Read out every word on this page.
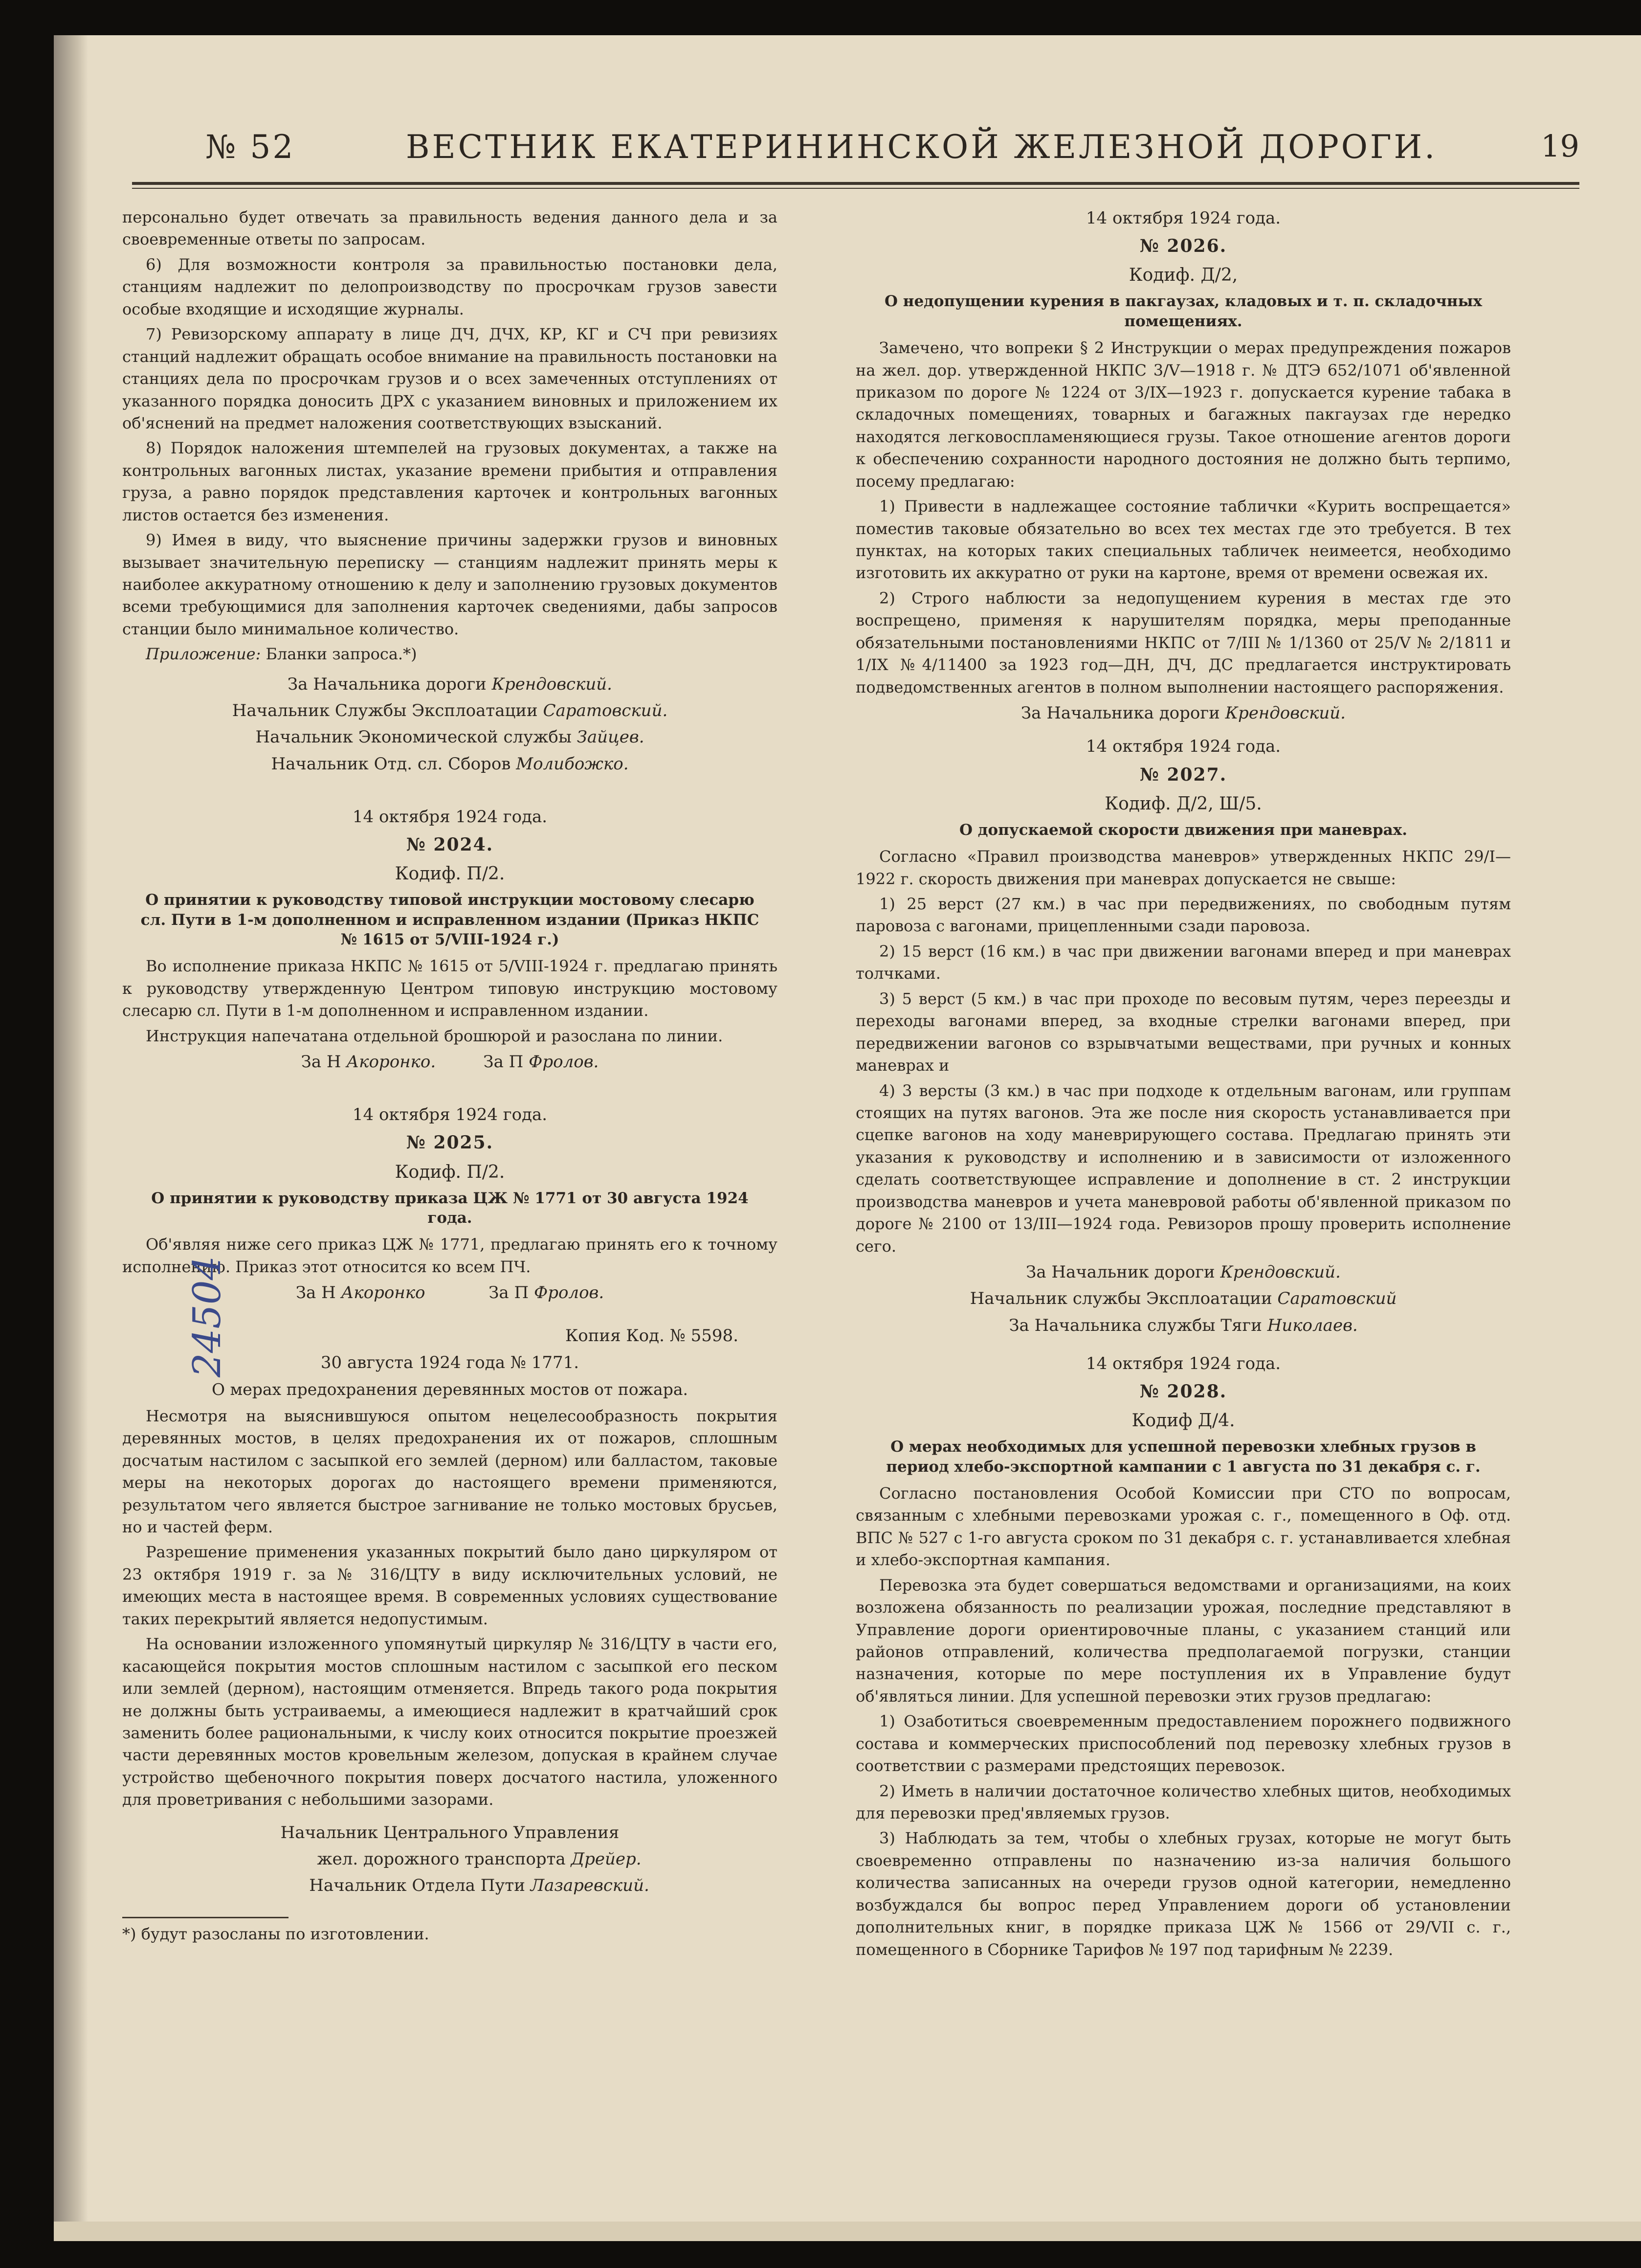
№ 52	ВЕСТНИК ЕКАТЕРИНИНСКОЙ ЖЕЛЕЗНОЙ ДОРОГИ.	19

персонально будет отвечать за правильность ведения данного дела и за своевременные ответы по запросам.

6) Для возможности контроля за правильностью постановки дела, станциям надлежит по делопроизводству по просрочкам грузов завести особые входящие и исходящие журналы.

7) Ревизорскому аппарату в лице ДЧ, ДЧХ, КР, КГ и СЧ при ревизиях станций надлежит обращать особое внимание на правильность постановки на станциях дела по просрочкам грузов и о всех замеченных отступлениях от указанного порядка доносить ДРХ с указанием виновных и приложением их об'яснений на предмет наложения соответствующих взысканий.

8) Порядок наложения штемпелей на грузовых документах, а также на контрольных вагонных листах, указание времени прибытия и отправления груза, а равно порядок представления карточек и контрольных вагонных листов остается без изменения.

9) Имея в виду, что выяснение причины задержки грузов и виновных вызывает значительную переписку — станциям надлежит принять меры к наиболее аккуратному отношению к делу и заполнению грузовых документов всеми требующимися для заполнения карточек сведениями, дабы запросов станции было минимальное количество.

Приложение: Бланки запроса.*)

За Начальника дороги Крендовский.
Начальник Службы Эксплоатации Саратовский.
Начальник Экономической службы Зайцев.
Начальник Отд. сл. Сборов Молибожко.
14 октября 1924 года.
№ 2024.
Кодиф. П/2.
О принятии к руководству типовой инструкции мостовому слесарю сл. Пути в 1-м дополненном и исправленном издании (Приказ НКПС № 1615 от 5/VIII-1924 г.)

Во исполнение приказа НКПС № 1615 от 5/VIII-1924 г. предлагаю принять к руководству утвержденную Центром типовую инструкцию мостовому слесарю сл. Пути в 1-м дополненном и исправленном издании.

Инструкция напечатана отдельной брошюрой и разослана по линии.

За Н Акоронко.	За П Фролов.
14 октября 1924 года.
№ 2025.
Кодиф. П/2.
О принятии к руководству приказа ЦЖ № 1771 от 30 августа 1924 года.

Об'являя ниже сего приказ ЦЖ № 1771, предлагаю принять его к точному исполнению. Приказ этот относится ко всем ПЧ.

За Н Акоронко	За П Фролов.
Копия Код. № 5598.
30 августа 1924 года № 1771.
О мерах предохранения деревянных мостов от пожара.

Несмотря на выяснившуюся опытом нецелесообразность покрытия деревянных мостов, в целях предохранения их от пожаров, сплошным досчатым настилом с засыпкой его землей (дерном) или балластом, таковые меры на некоторых дорогах до настоящего времени применяются, результатом чего является быстрое загнивание не только мостовых брусьев, но и частей ферм.

Разрешение применения указанных покрытий было дано циркуляром от 23 октября 1919 г. за № 316/ЦТУ в виду исключительных условий, не имеющих места в настоящее время. В современных условиях существование таких перекрытий является недопустимым.

На основании изложенного упомянутый циркуляр № 316/ЦТУ в части его, касающейся покрытия мостов сплошным настилом с засыпкой его песком или землей (дерном), настоящим отменяется. Впредь такого рода покрытия не должны быть устраиваемы, а имеющиеся надлежит в кратчайший срок заменить более рациональными, к числу коих относится покрытие проезжей части деревянных мостов кровельным железом, допуская в крайнем случае устройство щебеночного покрытия поверх досчатого настила, уложенного для проветривания с небольшими зазорами.

Начальник Центрального Управления
жел. дорожного транспорта Дрейер.
Начальник Отдела Пути Лазаревский.
*) будут разосланы по изготовлении.
14 октября 1924 года.
№ 2026.
Кодиф. Д/2,
О недопущении курения в пакгаузах, кладовых и т. п. складочных помещениях.

Замечено, что вопреки § 2 Инструкции о мерах предупреждения пожаров на жел. дор. утвержденной НКПС 3/V—1918 г. № ДТЭ 652/1071 об'явленной приказом по дороге № 1224 от 3/IX—1923 г. допускается курение табака в складочных помещениях, товарных и багажных пакгаузах где нередко находятся легковоспламеняющиеся грузы. Такое отношение агентов дороги к обеспечению сохранности народного достояния не должно быть терпимо, посему предлагаю:

1) Привести в надлежащее состояние таблички «Курить воспрещается» поместив таковые обязательно во всех тех местах где это требуется. В тех пунктах, на которых таких специальных табличек неимеется, необходимо изготовить их аккуратно от руки на картоне, время от времени освежая их.

2) Строго наблюсти за недопущением курения в местах где это воспрещено, применяя к нарушителям порядка, меры преподанные обязательными постановлениями НКПС от 7/III № 1/1360 от 25/V № 2/1811 и 1/IX №4/11400 за 1923 год—ДН, ДЧ, ДС предлагается инструктировать подведомственных агентов в полном выполнении настоящего распоряжения.

За Начальника дороги Крендовский.
14 октября 1924 года.
№ 2027.
Кодиф. Д/2, Ш/5.
О допускаемой скорости движения при маневрах.

Согласно «Правил производства маневров» утвержденных НКПС 29/I—1922 г. скорость движения при маневрах допускается не свыше:

1) 25 верст (27 км.) в час при передвижениях, по свободным путям паровоза с вагонами, прицепленными сзади паровоза.

2) 15 верст (16 км.) в час при движении вагонами вперед и при маневрах толчками.

3) 5 верст (5 км.) в час при проходе по весовым путям, через переезды и переходы вагонами вперед, за входные стрелки вагонами вперед, при передвижении вагонов со взрывчатыми веществами, при ручных и конных маневрах и

4) 3 версты (3 км.) в час при подходе к отдельным вагонам, или группам стоящих на путях вагонов. Эта же после ния скорость устанавливается при сцепке вагонов на ходу маневрирующего состава. Предлагаю принять эти указания к руководству и исполнению и в зависимости от изложенного сделать соответствующее исправление и дополнение в ст. 2 инструкции производства маневров и учета маневровой работы об'явленной приказом по дороге № 2100 от 13/III—1924 года. Ревизоров прошу проверить исполнение сего.

За Начальник дороги Крендовский.
Начальник службы Эксплоатации Саратовский
За Начальника службы Тяги Николаев.
14 октября 1924 года.
№ 2028.
Кодиф Д/4.
О мерах необходимых для успешной перевозки хлебных грузов в период хлебо-экспортной кампании с 1 августа по 31 декабря с. г.

Согласно постановления Особой Комиссии при СТО по вопросам, связанным с хлебными перевозками урожая с. г., помещенного в Оф. отд. ВПС № 527 с 1-го августа сроком по 31 декабря с. г. устанавливается хлебная и хлебо-экспортная кампания.

Перевозка эта будет совершаться ведомствами и организациями, на коих возложена обязанность по реализации урожая, последние представляют в Управление дороги ориентировочные планы, с указанием станций или районов отправлений, количества предполагаемой погрузки, станции назначения, которые по мере поступления их в Управление будут об'являться линии. Для успешной перевозки этих грузов предлагаю:

1) Озаботиться своевременным предоставлением порожнего подвижного состава и коммерческих приспособлений под перевозку хлебных грузов в соответствии с размерами предстоящих перевозок.

2) Иметь в наличии достаточное количество хлебных щитов, необходимых для перевозки пред'являемых грузов.

3) Наблюдать за тем, чтобы о хлебных грузах, которые не могут быть своевременно отправлены по назначению из-за наличия большого количества записанных на очереди грузов одной категории, немедленно возбуждался бы вопрос перед Управлением дороги об установлении дополнительных книг, в порядке приказа ЦЖ № 1566 от 29/VII с. г., помещенного в Сборнике Тарифов № 197 под тарифным № 2239.

24504
